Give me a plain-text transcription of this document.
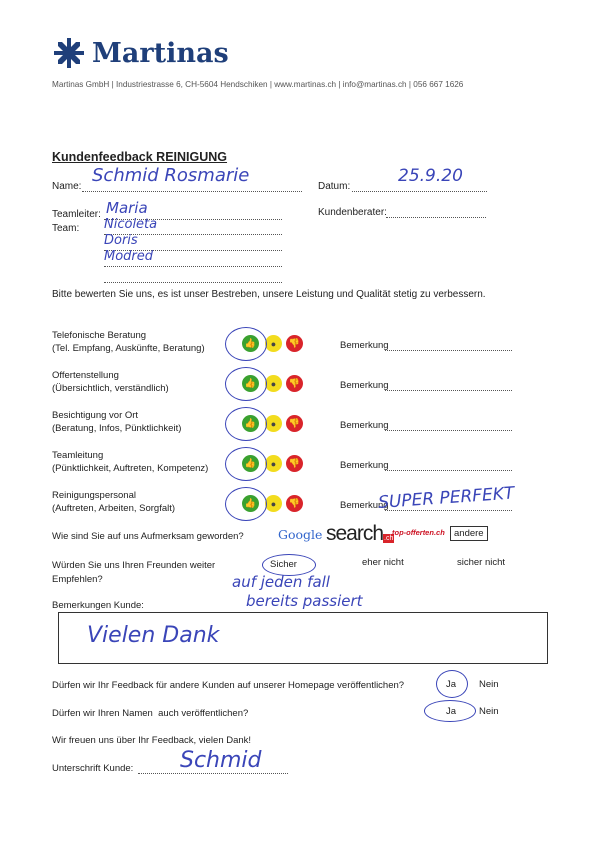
Martinas
Martinas GmbH | Industriestrasse 6, CH-5604 Hendschiken | www.martinas.ch | info@martinas.ch | 056 667 1626
Kundenfeedback REINIGUNG
Name:
Schmid Rosmarie
Datum:
25.9.20
Teamleiter: Maria	Kundenberater:
Team: Nicoleta
Doris
Modred
Bitte bewerten Sie uns, es ist unser Bestreben, unsere Leistung und Qualität stetig zu verbessern.
Telefonische Beratung
(Tel. Empfang, Auskünfte, Beratung)	👍	●	👎	Bemerkung
Offertenstellung
(Übersichtlich, verständlich)	👍	●	👎	Bemerkung
Besichtigung vor Ort
(Beratung, Infos, Pünktlichkeit)	👍	●	👎	Bemerkung
Teamleitung
(Pünktlichkeit, Auftreten, Kompetenz)	👍	●	👎	Bemerkung
Reinigungspersonal
(Auftreten, Arbeiten, Sorgfalt)	👍	●	👎	Bemerkung
SUPER PERFEKT
Wie sind Sie auf uns Aufmerksam geworden?	Google search.ch
top-offerten.ch andere
Würden Sie uns Ihren Freunden weiter
Empfehlen?
Sicher	eher nicht	sicher nicht
auf jeden fall
bereits passiert
Bemerkungen Kunde:
Vielen Dank
Dürfen wir Ihr Feedback für andere Kunden auf unserer Homepage veröffentlichen?	Ja Nein
Dürfen wir Ihren Namen  auch veröffentlichen?	Ja Nein
Wir freuen uns über Ihr Feedback, vielen Dank!
Unterschrift Kunde: Schmid
